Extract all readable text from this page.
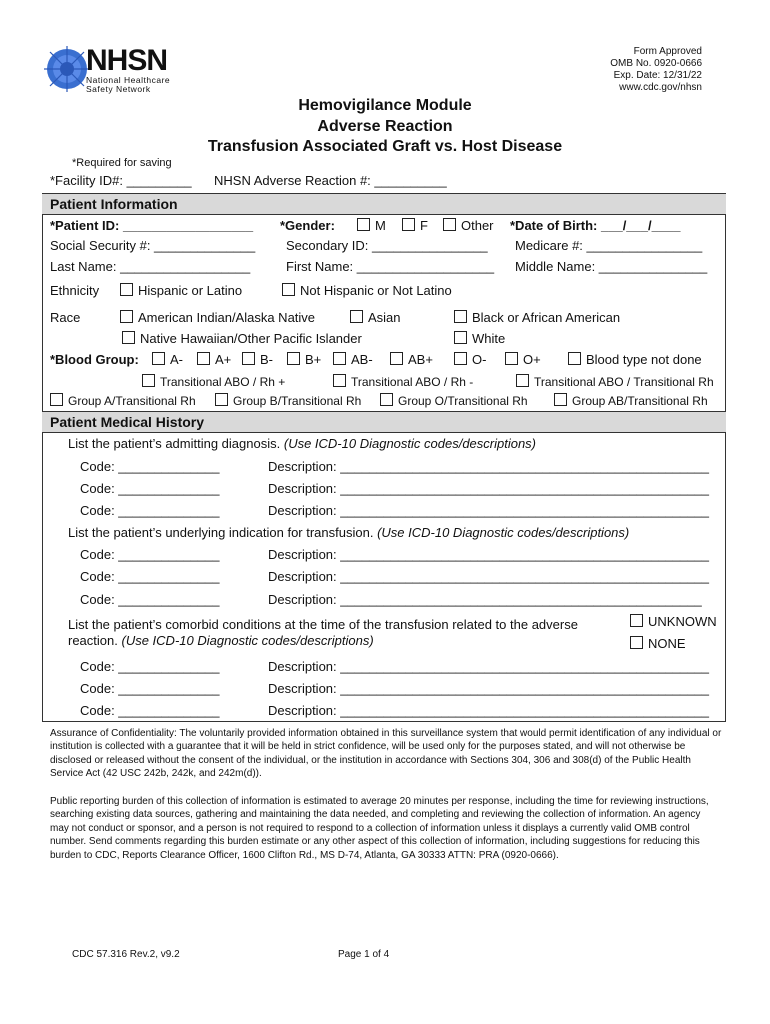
NHSN
National Healthcare
Safety Network
Form Approved
OMB No. 0920-0666
Exp. Date: 12/31/22
www.cdc.gov/nhsn
Hemovigilance Module
Adverse Reaction
Transfusion Associated Graft vs. Host Disease
*Required for saving
*Facility ID#: _________ NHSN Adverse Reaction #: __________
Patient Information
*Patient ID: __________________ *Gender:	M	F	Other *Date of Birth: ___/___/____
Social Security #: ______________ Secondary ID: ________________ Medicare #: ________________
Last Name: __________________	First Name: ___________________ Middle Name: _______________
Ethnicity	Hispanic or Latino	Not Hispanic or Not Latino
Race	American Indian/Alaska Native	Asian	Black or African American
Native Hawaiian/Other Pacific Islander	White
*Blood Group:	A-	A+	B-	B+	AB-	AB+	O-	O+	Blood type not done
Transitional ABO / Rh +	Transitional ABO / Rh -	Transitional ABO / Transitional Rh
Group A/Transitional Rh	Group B/Transitional Rh	Group O/Transitional Rh	Group AB/Transitional Rh
Patient Medical History
List the patient’s admitting diagnosis. (Use ICD-10 Diagnostic codes/descriptions)
Code: ______________	Description: ___________________________________________________
Code: ______________	Description: ___________________________________________________
Code: ______________	Description: ___________________________________________________
List the patient’s underlying indication for transfusion. (Use ICD-10 Diagnostic codes/descriptions)
Code: ______________	Description: ___________________________________________________
Code: ______________	Description: ___________________________________________________
Code: ______________	Description: __________________________________________________
List the patient’s comorbid conditions at the time of the transfusion related to the adverse
reaction. (Use ICD-10 Diagnostic codes/descriptions)
UNKNOWN
NONE
Code: ______________	Description: ___________________________________________________
Code: ______________	Description: ___________________________________________________
Code: ______________	Description: ___________________________________________________
Assurance of Confidentiality: The voluntarily provided information obtained in this surveillance system that would permit identification of any individual or institution is collected with a guarantee that it will be held in strict confidence, will be used only for the purposes stated, and will not otherwise be disclosed or released without the consent of the individual, or the institution in accordance with Sections 304, 306 and 308(d) of the Public Health Service Act (42 USC 242b, 242k, and 242m(d)).
Public reporting burden of this collection of information is estimated to average 20 minutes per response, including the time for reviewing instructions, searching existing data sources, gathering and maintaining the data needed, and completing and reviewing the collection of information. An agency may not conduct or sponsor, and a person is not required to respond to a collection of information unless it displays a currently valid OMB control number. Send comments regarding this burden estimate or any other aspect of this collection of information, including suggestions for reducing this burden to CDC, Reports Clearance Officer, 1600 Clifton Rd., MS D-74, Atlanta, GA 30333 ATTN: PRA (0920-0666).
CDC 57.316 Rev.2, v9.2	Page 1 of 4
